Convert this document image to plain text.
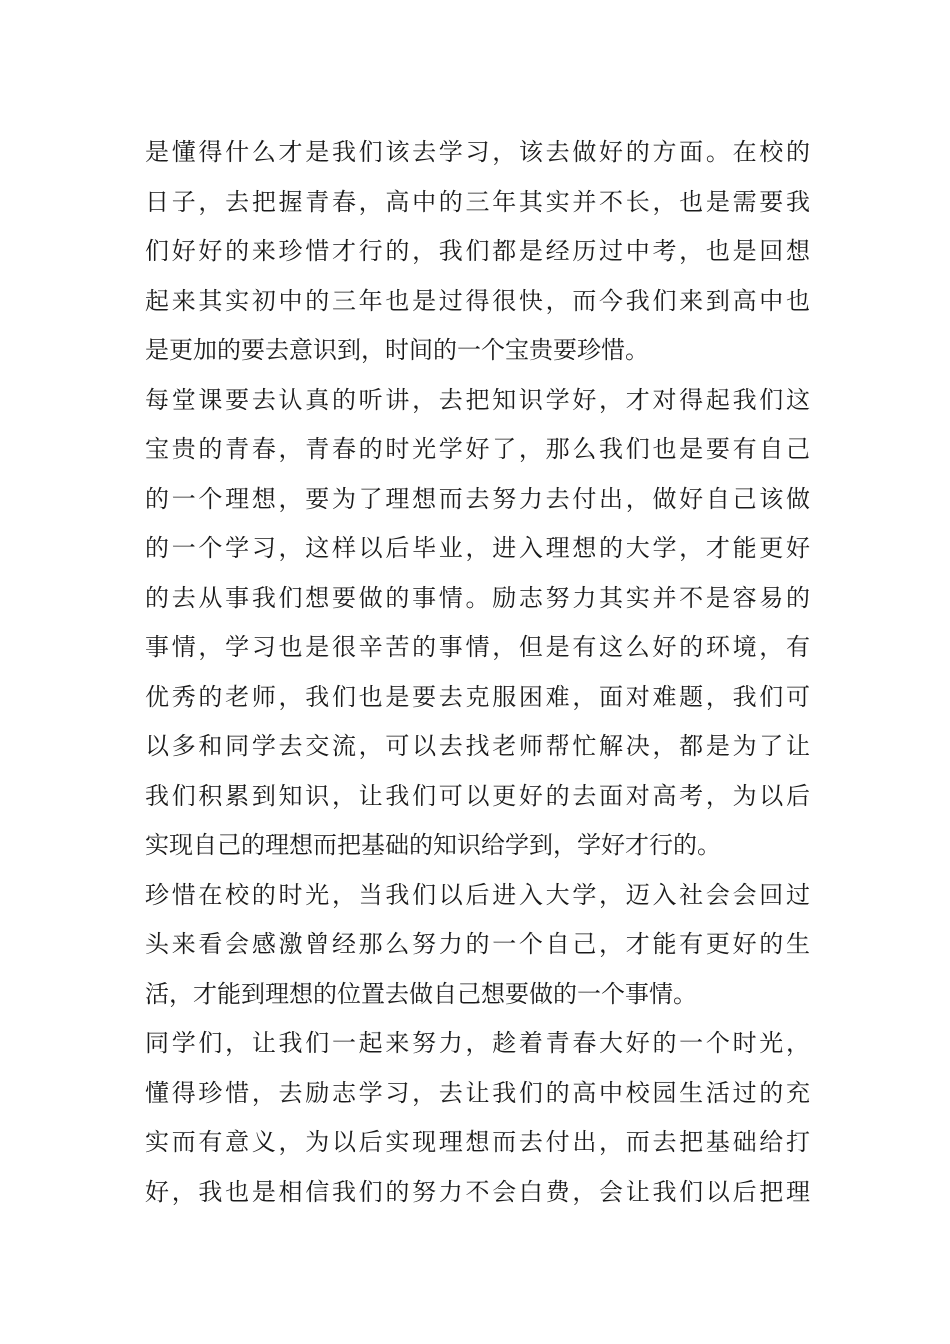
是懂得什么才是我们该去学习，该去做好的方面。在校的
日子，去把握青春，高中的三年其实并不长，也是需要我
们好好的来珍惜才行的，我们都是经历过中考，也是回想
起来其实初中的三年也是过得很快，而今我们来到高中也
是更加的要去意识到，时间的一个宝贵要珍惜。
每堂课要去认真的听讲，去把知识学好，才对得起我们这
宝贵的青春，青春的时光学好了，那么我们也是要有自己
的一个理想，要为了理想而去努力去付出，做好自己该做
的一个学习，这样以后毕业，进入理想的大学，才能更好
的去从事我们想要做的事情。励志努力其实并不是容易的
事情，学习也是很辛苦的事情，但是有这么好的环境，有
优秀的老师，我们也是要去克服困难，面对难题，我们可
以多和同学去交流，可以去找老师帮忙解决，都是为了让
我们积累到知识，让我们可以更好的去面对高考，为以后
实现自己的理想而把基础的知识给学到，学好才行的。
珍惜在校的时光，当我们以后进入大学，迈入社会会回过
头来看会感激曾经那么努力的一个自己，才能有更好的生
活，才能到理想的位置去做自己想要做的一个事情。
同学们，让我们一起来努力，趁着青春大好的一个时光，
懂得珍惜，去励志学习，去让我们的高中校园生活过的充
实而有意义，为以后实现理想而去付出，而去把基础给打
好，我也是相信我们的努力不会白费，会让我们以后把理
